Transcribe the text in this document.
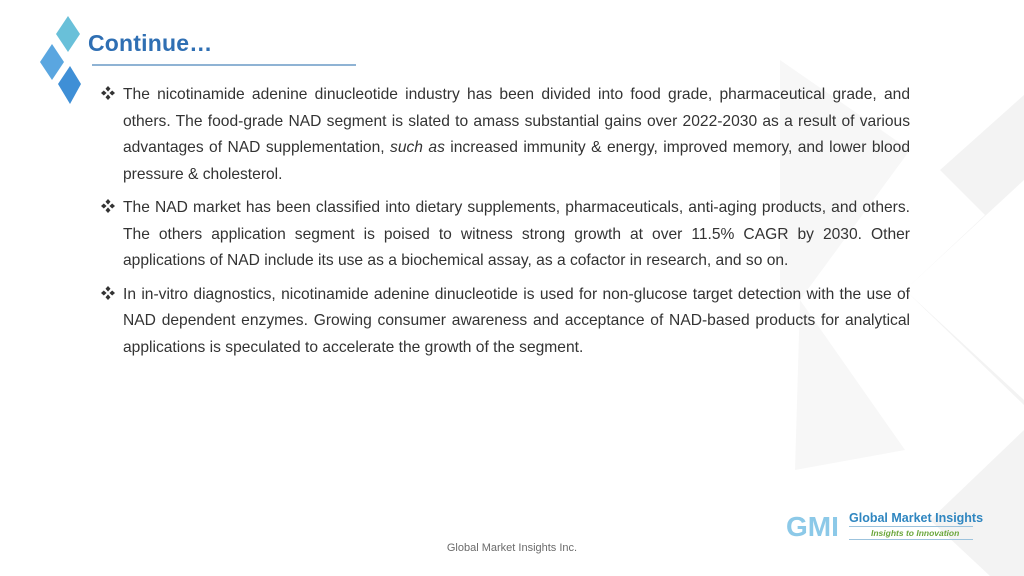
Continue…
The nicotinamide adenine dinucleotide industry has been divided into food grade, pharmaceutical grade, and others. The food-grade NAD segment is slated to amass substantial gains over 2022-2030 as a result of various advantages of NAD supplementation, such as increased immunity & energy, improved memory, and lower blood pressure & cholesterol.
The NAD market has been classified into dietary supplements, pharmaceuticals, anti-aging products, and others. The others application segment is poised to witness strong growth at over 11.5% CAGR by 2030. Other applications of NAD include its use as a biochemical assay, as a cofactor in research, and so on.
In in-vitro diagnostics, nicotinamide adenine dinucleotide is used for non-glucose target detection with the use of NAD dependent enzymes. Growing consumer awareness and acceptance of NAD-based products for analytical applications is speculated to accelerate the growth of the segment.
GMI Global Market Insights
Insights to Innovation
Global Market Insights Inc.
